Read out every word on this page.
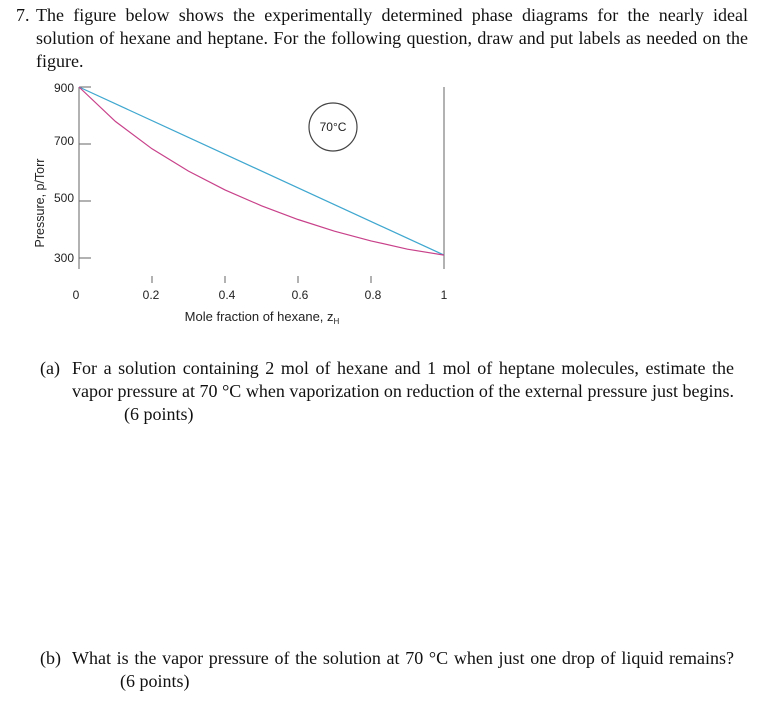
7. The figure below shows the experimentally determined phase diagrams for the nearly ideal solution of hexane and heptane. For the following question, draw and put labels as needed on the figure.
900
700
500
300
Pressure, p/Torr
0	0.2	0.4	0.6	0.8	1
Mole fraction of hexane, $z_H$
70°C
(a) For a solution containing 2 mol of hexane and 1 mol of heptane molecules, estimate the vapor pressure at 70 °C when vaporization on reduction of the external pressure just begins.(6 points)
(b) What is the vapor pressure of the solution at 70 °C when just one drop of liquid remains?(6 points)
